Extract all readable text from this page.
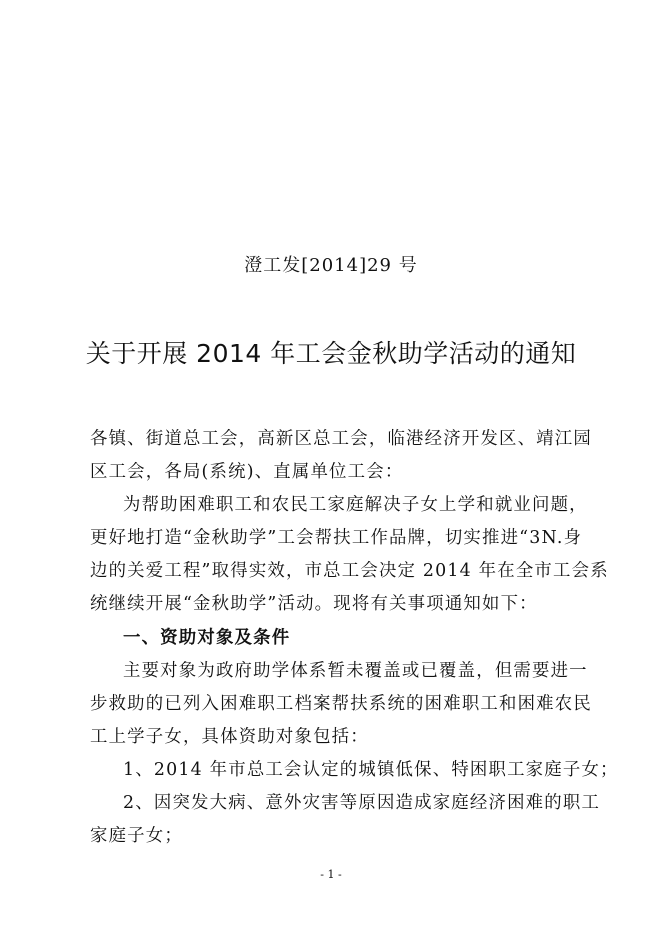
澄工发[2014]29 号
关于开展 2014 年工会金秋助学活动的通知
各镇、街道总工会，高新区总工会，临港经济开发区、靖江园
区工会，各局(系统)、直属单位工会：
为帮助困难职工和农民工家庭解决子女上学和就业问题，
更好地打造“金秋助学”工会帮扶工作品牌，切实推进“3N.身
边的关爱工程”取得实效，市总工会决定 2014 年在全市工会系
统继续开展“金秋助学”活动。现将有关事项通知如下：
一、资助对象及条件
主要对象为政府助学体系暂未覆盖或已覆盖，但需要进一
步救助的已列入困难职工档案帮扶系统的困难职工和困难农民
工上学子女，具体资助对象包括：
1、2014 年市总工会认定的城镇低保、特困职工家庭子女；
2、因突发大病、意外灾害等原因造成家庭经济困难的职工
家庭子女；
- 1 -
